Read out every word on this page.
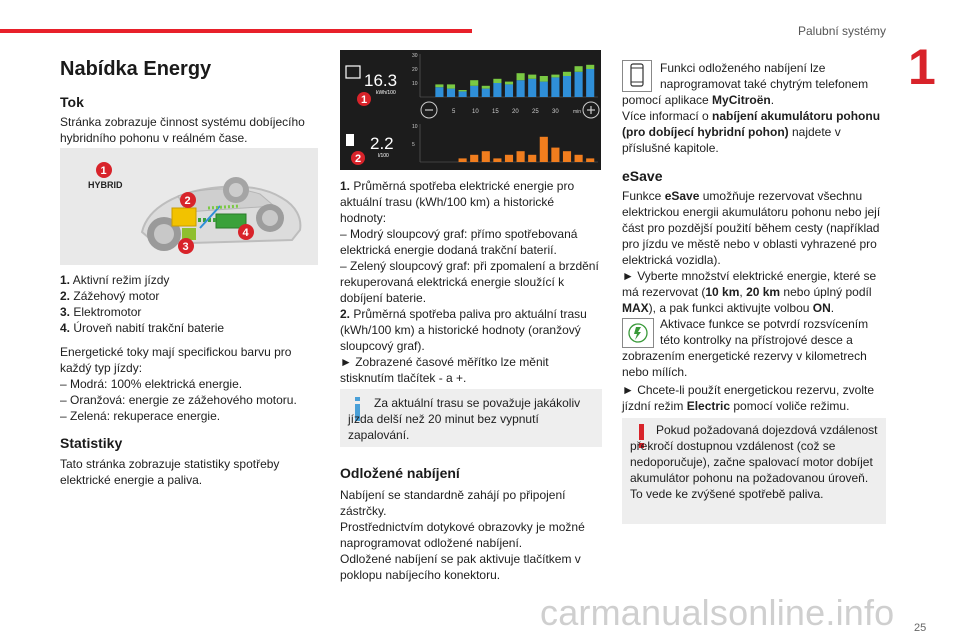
Palubní systémy
1
25
carmanualsonline.info
Nabídka Energy
Tok

Stránka zobrazuje činnost systému dobíjecího hybridního pohonu v reálném čase.

1
HYBRID
2
3
4
1. Aktivní režim jízdy
2. Zážehový motor
3. Elektromotor
4. Úroveň nabití trakční baterie

Energetické toky mají specifickou barvu pro každý typ jízdy:

– Modrá: 100% elektrická energie.
– Oranžová: energie ze zážehového motoru.
– Zelená: rekuperace energie.
Statistiky

Tato stránka zobrazuje statistiky spotřeby elektrické energie a paliva.

16.3
kWh/100
1
2.2
l/100
2
min
5	10 15 20 25 30
10
20
30
5
10
1. Průměrná spotřeba elektrické energie pro aktuální trasu (kWh/100 km) a historické hodnoty:
– Modrý sloupcový graf: přímo spotřebovaná elektrická energie dodaná trakční baterií.
– Zelený sloupcový graf: při zpomalení a brzdění rekuperovaná elektrická energie sloužící k dobíjení baterie.
2. Průměrná spotřeba paliva pro aktuální trasu (kWh/100 km) a historické hodnoty (oranžový sloupcový graf).
► Zobrazené časové měřítko lze měnit stisknutím tlačítek - a +.
Za aktuální trasu se považuje jakákoliv jízda delší než 20 minut bez vypnutí zapalování.
Odložené nabíjení
Nabíjení se standardně zahájí po připojení zástrčky.
Prostřednictvím dotykové obrazovky je možné naprogramovat odložené nabíjení.
Odložené nabíjení se pak aktivuje tlačítkem v poklopu nabíjecího konektoru.
Funkci odloženého nabíjení lze
naprogramovat také chytrým telefonem
pomocí aplikace MyCitroën.
Více informací o nabíjení akumulátoru pohonu (pro dobíjecí hybridní pohon) najdete v příslušné kapitole.
eSave
Funkce eSave umožňuje rezervovat všechnu elektrickou energii akumulátoru pohonu nebo její část pro pozdější použití během cesty (například pro jízdu ve městě nebo v oblasti vyhrazené pro elektrická vozidla).
► Vyberte množství elektrické energie, které se má rezervovat (10 km, 20 km nebo úplný podíl MAX), a pak funkci aktivujte volbou ON.
Aktivace funkce se potvrdí rozsvícením
této kontrolky na přístrojové desce a
zobrazením energetické rezervy v kilometrech nebo mílích.
► Chcete-li použít energetickou rezervu, zvolte jízdní režim Electric pomocí voliče režimu.
Pokud požadovaná dojezdová vzdálenost překročí dostupnou vzdálenost (což se nedoporučuje), začne spalovací motor dobíjet akumulátor pohonu na požadovanou úroveň. To vede ke zvýšené spotřebě paliva.
